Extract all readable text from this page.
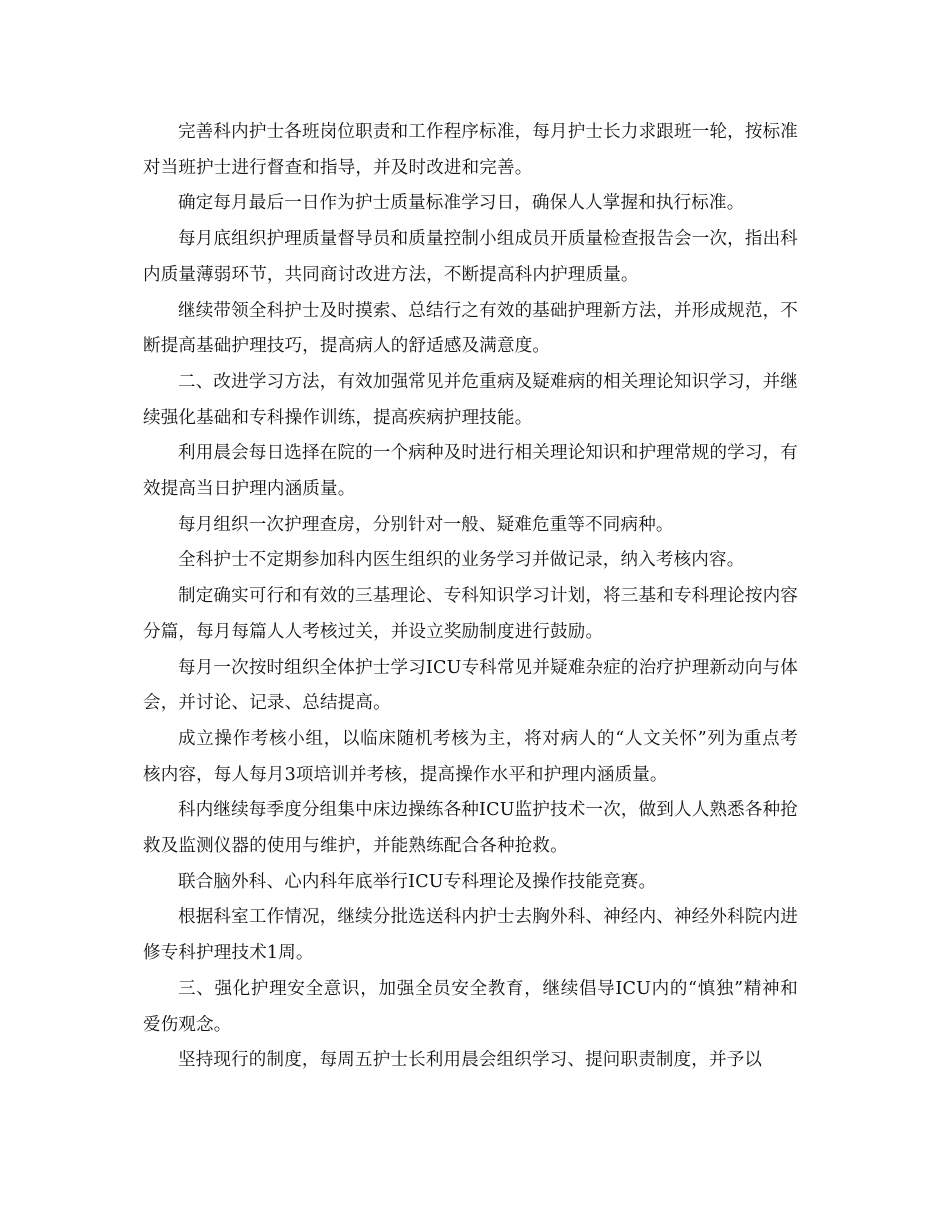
完善科内护士各班岗位职责和工作程序标准，每月护士长力求跟班一轮，按标准对当班护士进行督查和指导，并及时改进和完善。

确定每月最后一日作为护士质量标准学习日，确保人人掌握和执行标准。

每月底组织护理质量督导员和质量控制小组成员开质量检查报告会一次，指出科内质量薄弱环节，共同商讨改进方法，不断提高科内护理质量。

继续带领全科护士及时摸索、总结行之有效的基础护理新方法，并形成规范，不断提高基础护理技巧，提高病人的舒适感及满意度。

二、改进学习方法，有效加强常见并危重病及疑难病的相关理论知识学习，并继续强化基础和专科操作训练，提高疾病护理技能。

利用晨会每日选择在院的一个病种及时进行相关理论知识和护理常规的学习，有效提高当日护理内涵质量。

每月组织一次护理查房，分别针对一般、疑难危重等不同病种。

全科护士不定期参加科内医生组织的业务学习并做记录，纳入考核内容。

制定确实可行和有效的三基理论、专科知识学习计划，将三基和专科理论按内容分篇，每月每篇人人考核过关，并设立奖励制度进行鼓励。

每月一次按时组织全体护士学习ICU专科常见并疑难杂症的治疗护理新动向与体会，并讨论、记录、总结提高。

成立操作考核小组，以临床随机考核为主，将对病人的“人文关怀”列为重点考核内容，每人每月3项培训并考核，提高操作水平和护理内涵质量。

科内继续每季度分组集中床边操练各种ICU监护技术一次，做到人人熟悉各种抢救及监测仪器的使用与维护，并能熟练配合各种抢救。

联合脑外科、心内科年底举行ICU专科理论及操作技能竞赛。

根据科室工作情况，继续分批选送科内护士去胸外科、神经内、神经外科院内进修专科护理技术1周。

三、强化护理安全意识，加强全员安全教育，继续倡导ICU内的“慎独”精神和爱伤观念。

坚持现行的制度，每周五护士长利用晨会组织学习、提问职责制度，并予以
